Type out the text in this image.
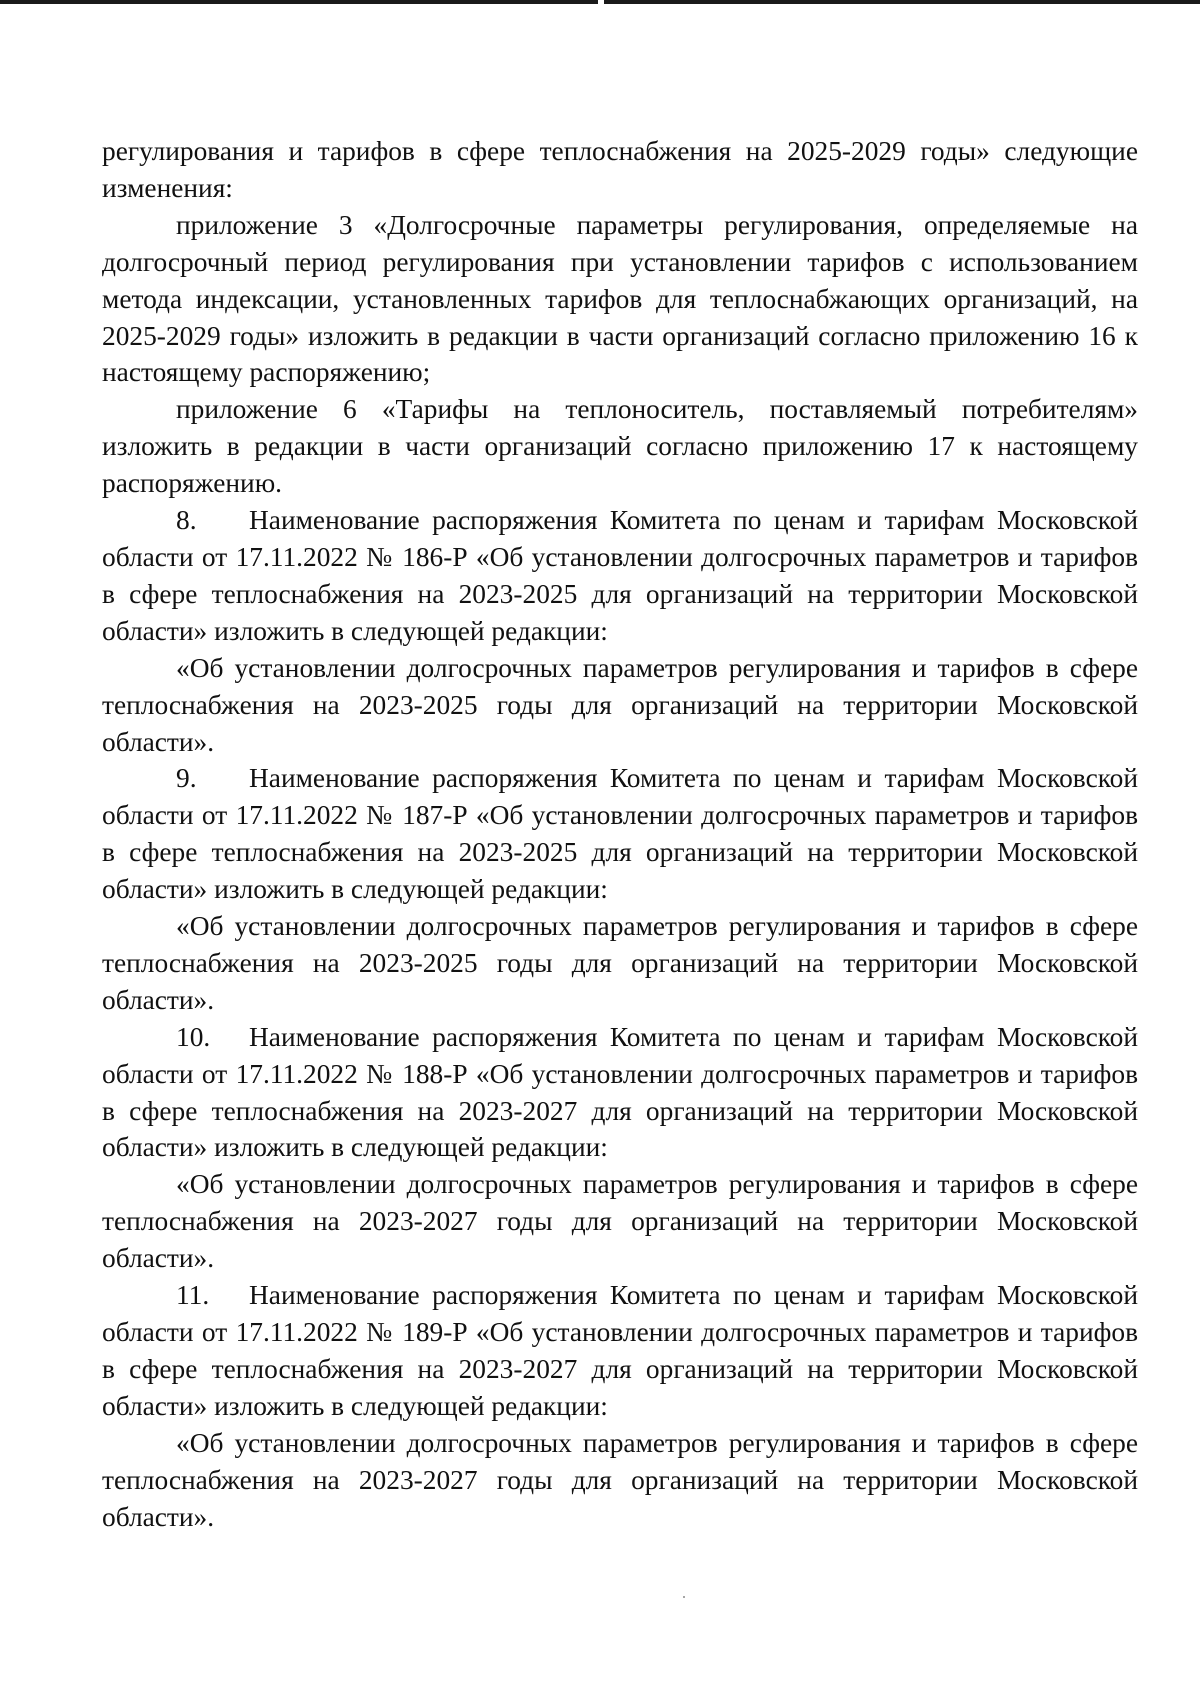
регулирования и тарифов в сфере теплоснабжения на 2025-2029 годы» следующие изменения:

приложение 3 «Долгосрочные параметры регулирования, определяемые на долгосрочный период регулирования при установлении тарифов с использованием метода индексации, установленных тарифов для теплоснабжающих организаций, на 2025-2029 годы» изложить в редакции в части организаций согласно приложению 16 к настоящему распоряжению;

приложение 6 «Тарифы на теплоноситель, поставляемый потребителям» изложить в редакции в части организаций согласно приложению 17 к настоящему распоряжению.

8. Наименование распоряжения Комитета по ценам и тарифам Московской области от 17.11.2022 № 186-Р «Об установлении долгосрочных параметров и тарифов в сфере теплоснабжения на 2023-2025 для организаций на территории Московской области» изложить в следующей редакции:

«Об установлении долгосрочных параметров регулирования и тарифов в сфере теплоснабжения на 2023-2025 годы для организаций на территории Московской области».

9. Наименование распоряжения Комитета по ценам и тарифам Московской области от 17.11.2022 № 187-Р «Об установлении долгосрочных параметров и тарифов в сфере теплоснабжения на 2023-2025 для организаций на территории Московской области» изложить в следующей редакции:

«Об установлении долгосрочных параметров регулирования и тарифов в сфере теплоснабжения на 2023-2025 годы для организаций на территории Московской области».

10. Наименование распоряжения Комитета по ценам и тарифам Московской области от 17.11.2022 № 188-Р «Об установлении долгосрочных параметров и тарифов в сфере теплоснабжения на 2023-2027 для организаций на территории Московской области» изложить в следующей редакции:

«Об установлении долгосрочных параметров регулирования и тарифов в сфере теплоснабжения на 2023-2027 годы для организаций на территории Московской области».

11. Наименование распоряжения Комитета по ценам и тарифам Московской области от 17.11.2022 № 189-Р «Об установлении долгосрочных параметров и тарифов в сфере теплоснабжения на 2023-2027 для организаций на территории Московской области» изложить в следующей редакции:

«Об установлении долгосрочных параметров регулирования и тарифов в сфере теплоснабжения на 2023-2027 годы для организаций на территории Московской области».
